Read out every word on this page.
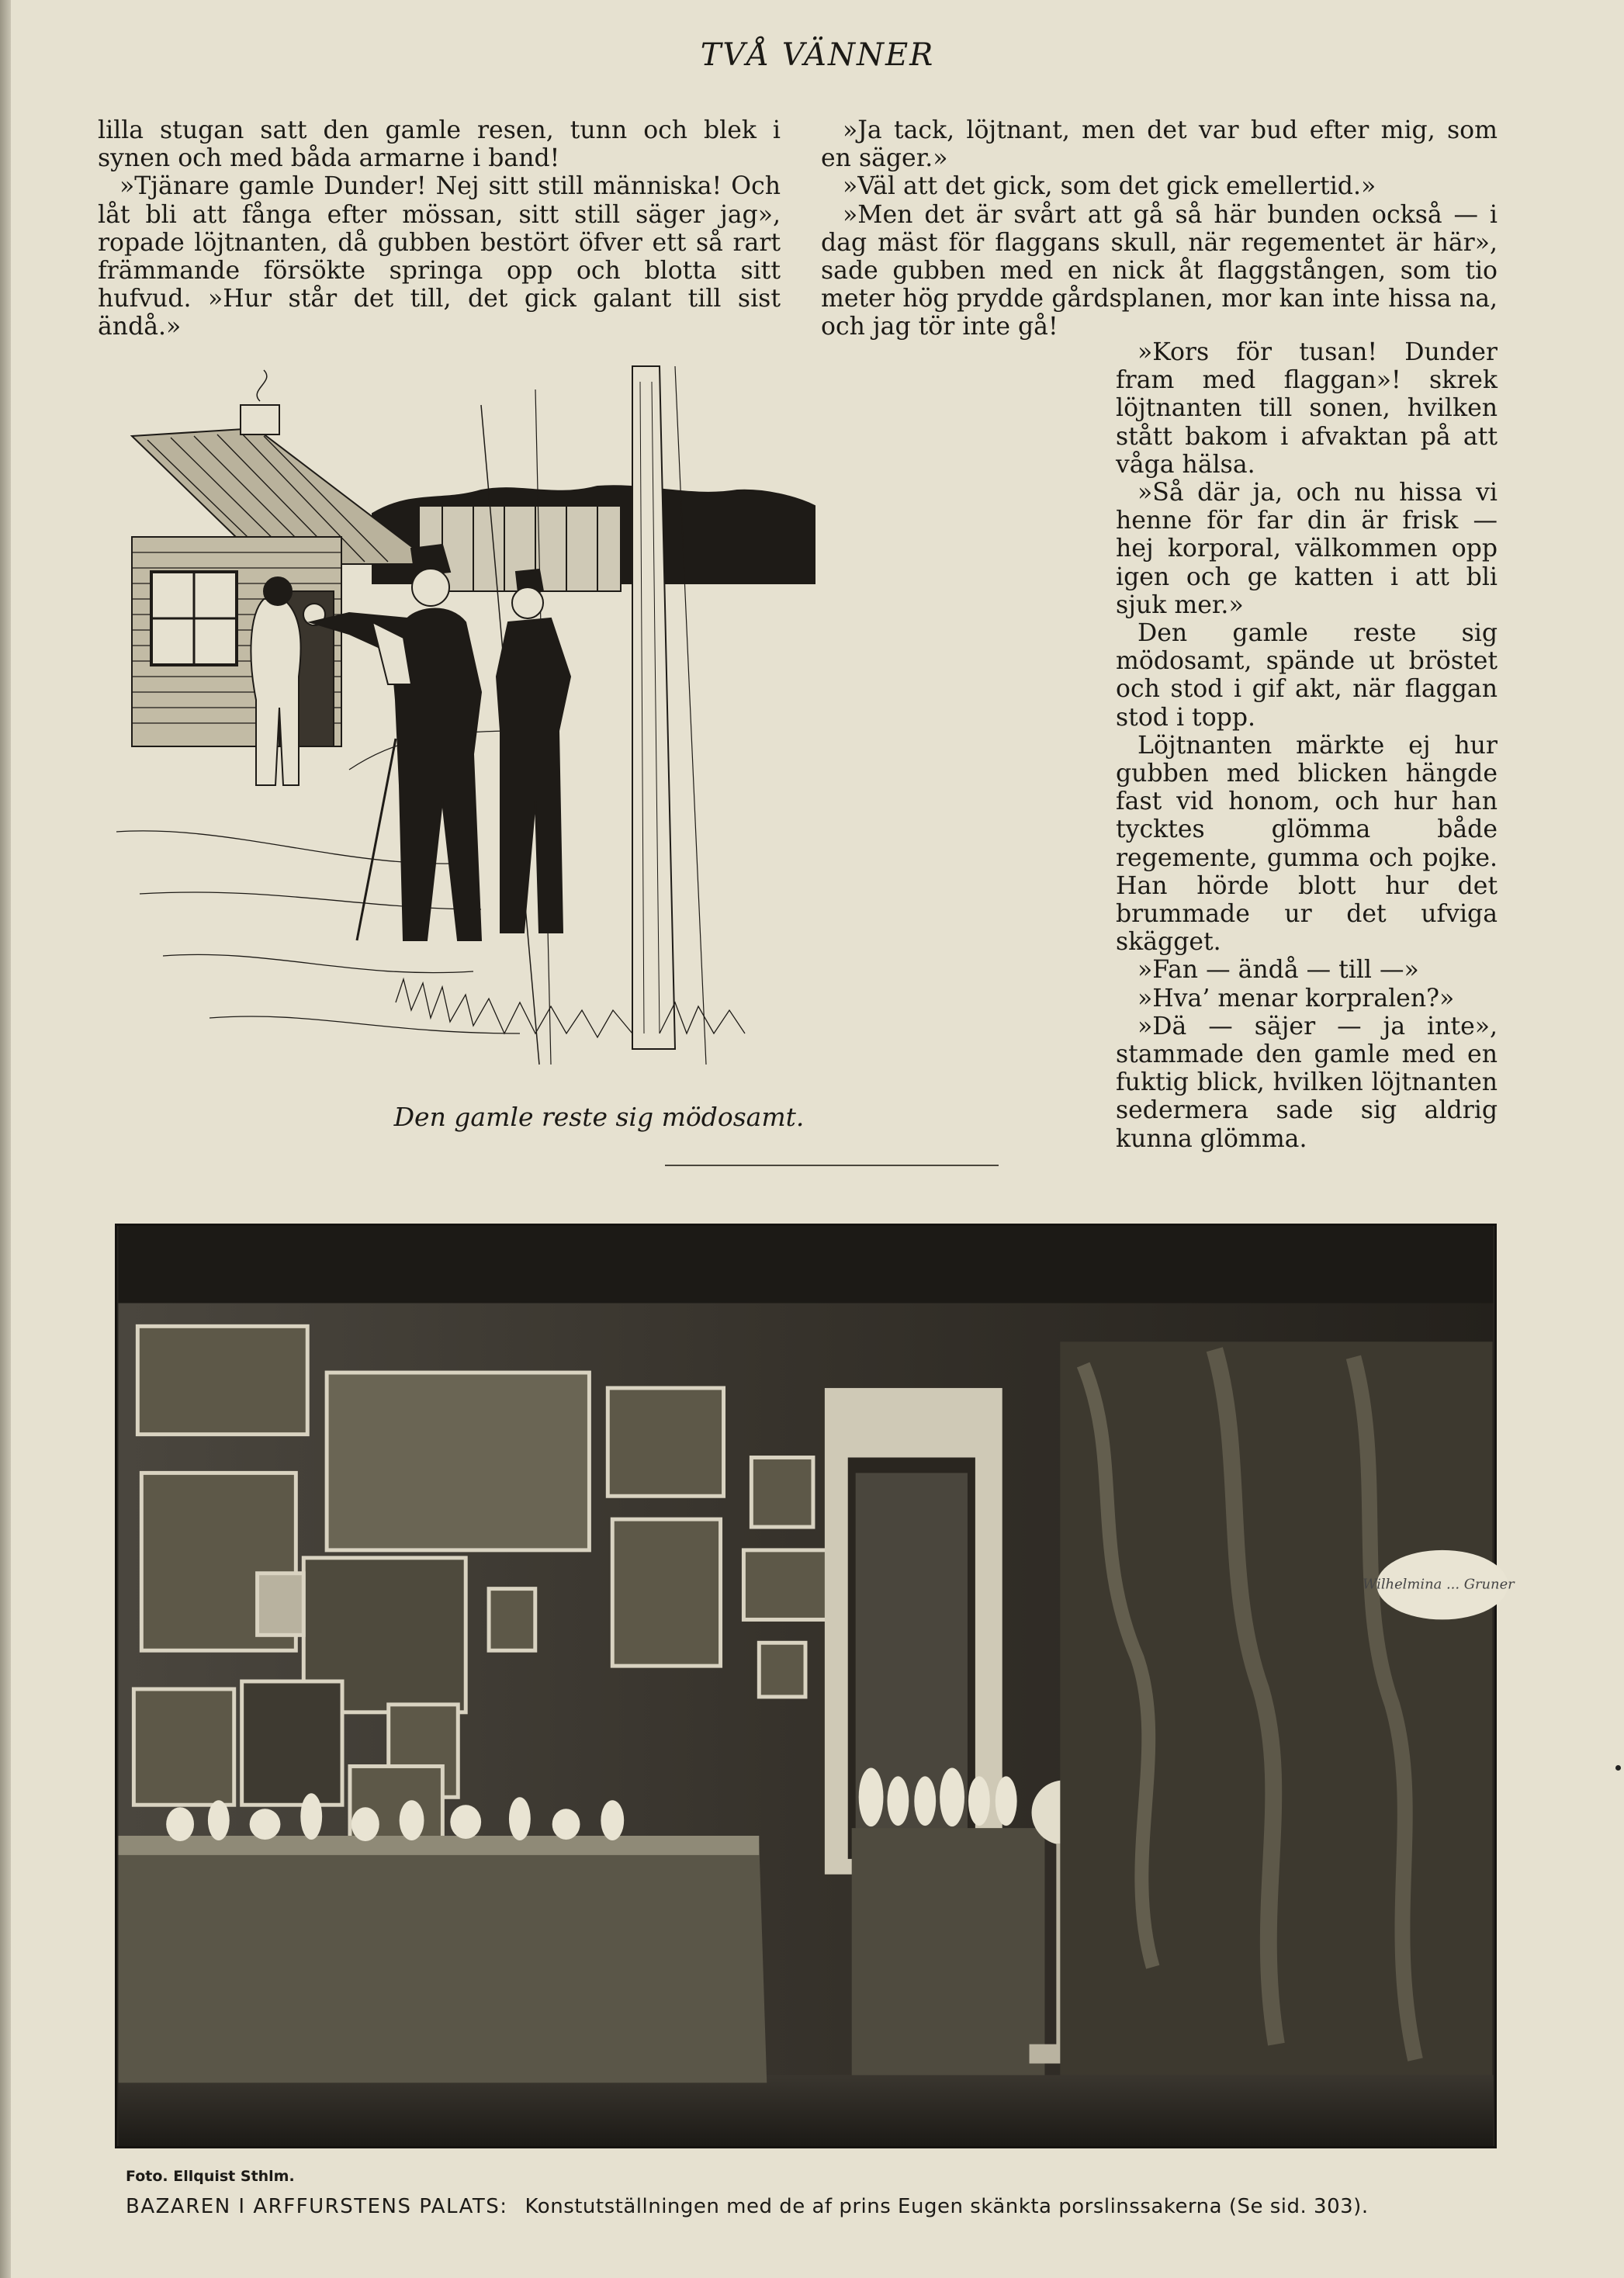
TVÅ VÄNNER

lilla stugan satt den gamle resen, tunn och blek i synen och med båda armarne i band!

»Tjänare gamle Dunder! Nej sitt still människa! Och låt bli att fånga efter mössan, sitt still säger jag», ropade löjtnanten, då gubben bestört öfver ett så rart främmande försökte springa opp och blotta sitt hufvud. »Hur står det till, det gick galant till sist ändå.»

»Ja tack, löjtnant, men det var bud efter mig, som en säger.»

»Väl att det gick, som det gick emellertid.»

»Men det är svårt att gå så här bunden också — i dag mäst för flaggans skull, när regementet är här», sade gubben med en nick åt flaggstången, som tio meter hög prydde gårdsplanen, mor kan inte hissa na, och jag tör inte gå!

»Kors för tusan! Dunder fram med flaggan»! skrek löjtnanten till sonen, hvilken stått bakom i afvaktan på att våga hälsa.

»Så där ja, och nu hissa vi henne för far din är frisk — hej korporal, välkommen opp igen och ge katten i att bli sjuk mer.»

Den gamle reste sig mödosamt, spände ut bröstet och stod i gif akt, när flaggan stod i topp.

Löjtnanten märkte ej hur gubben med blicken hängde fast vid honom, och hur han tycktes glömma både regemente, gumma och pojke. Han hörde blott hur det brummade ur det ufviga skägget.

»Fan — ändå — till —»

»Hva’ menar korpralen?»

»Dä — säjer — ja inte», stammade den gamle med en fuktig blick, hvilken löjtnanten sedermera sade sig aldrig kunna glömma.

Den gamle reste sig mödosamt.
Wilhelmina ... Gruner
Foto. Ellquist Sthlm.
BAZAREN I ARFFURSTENS PALATS: Konstutställningen med de af prins Eugen skänkta porslinssakerna (Se sid. 303).
